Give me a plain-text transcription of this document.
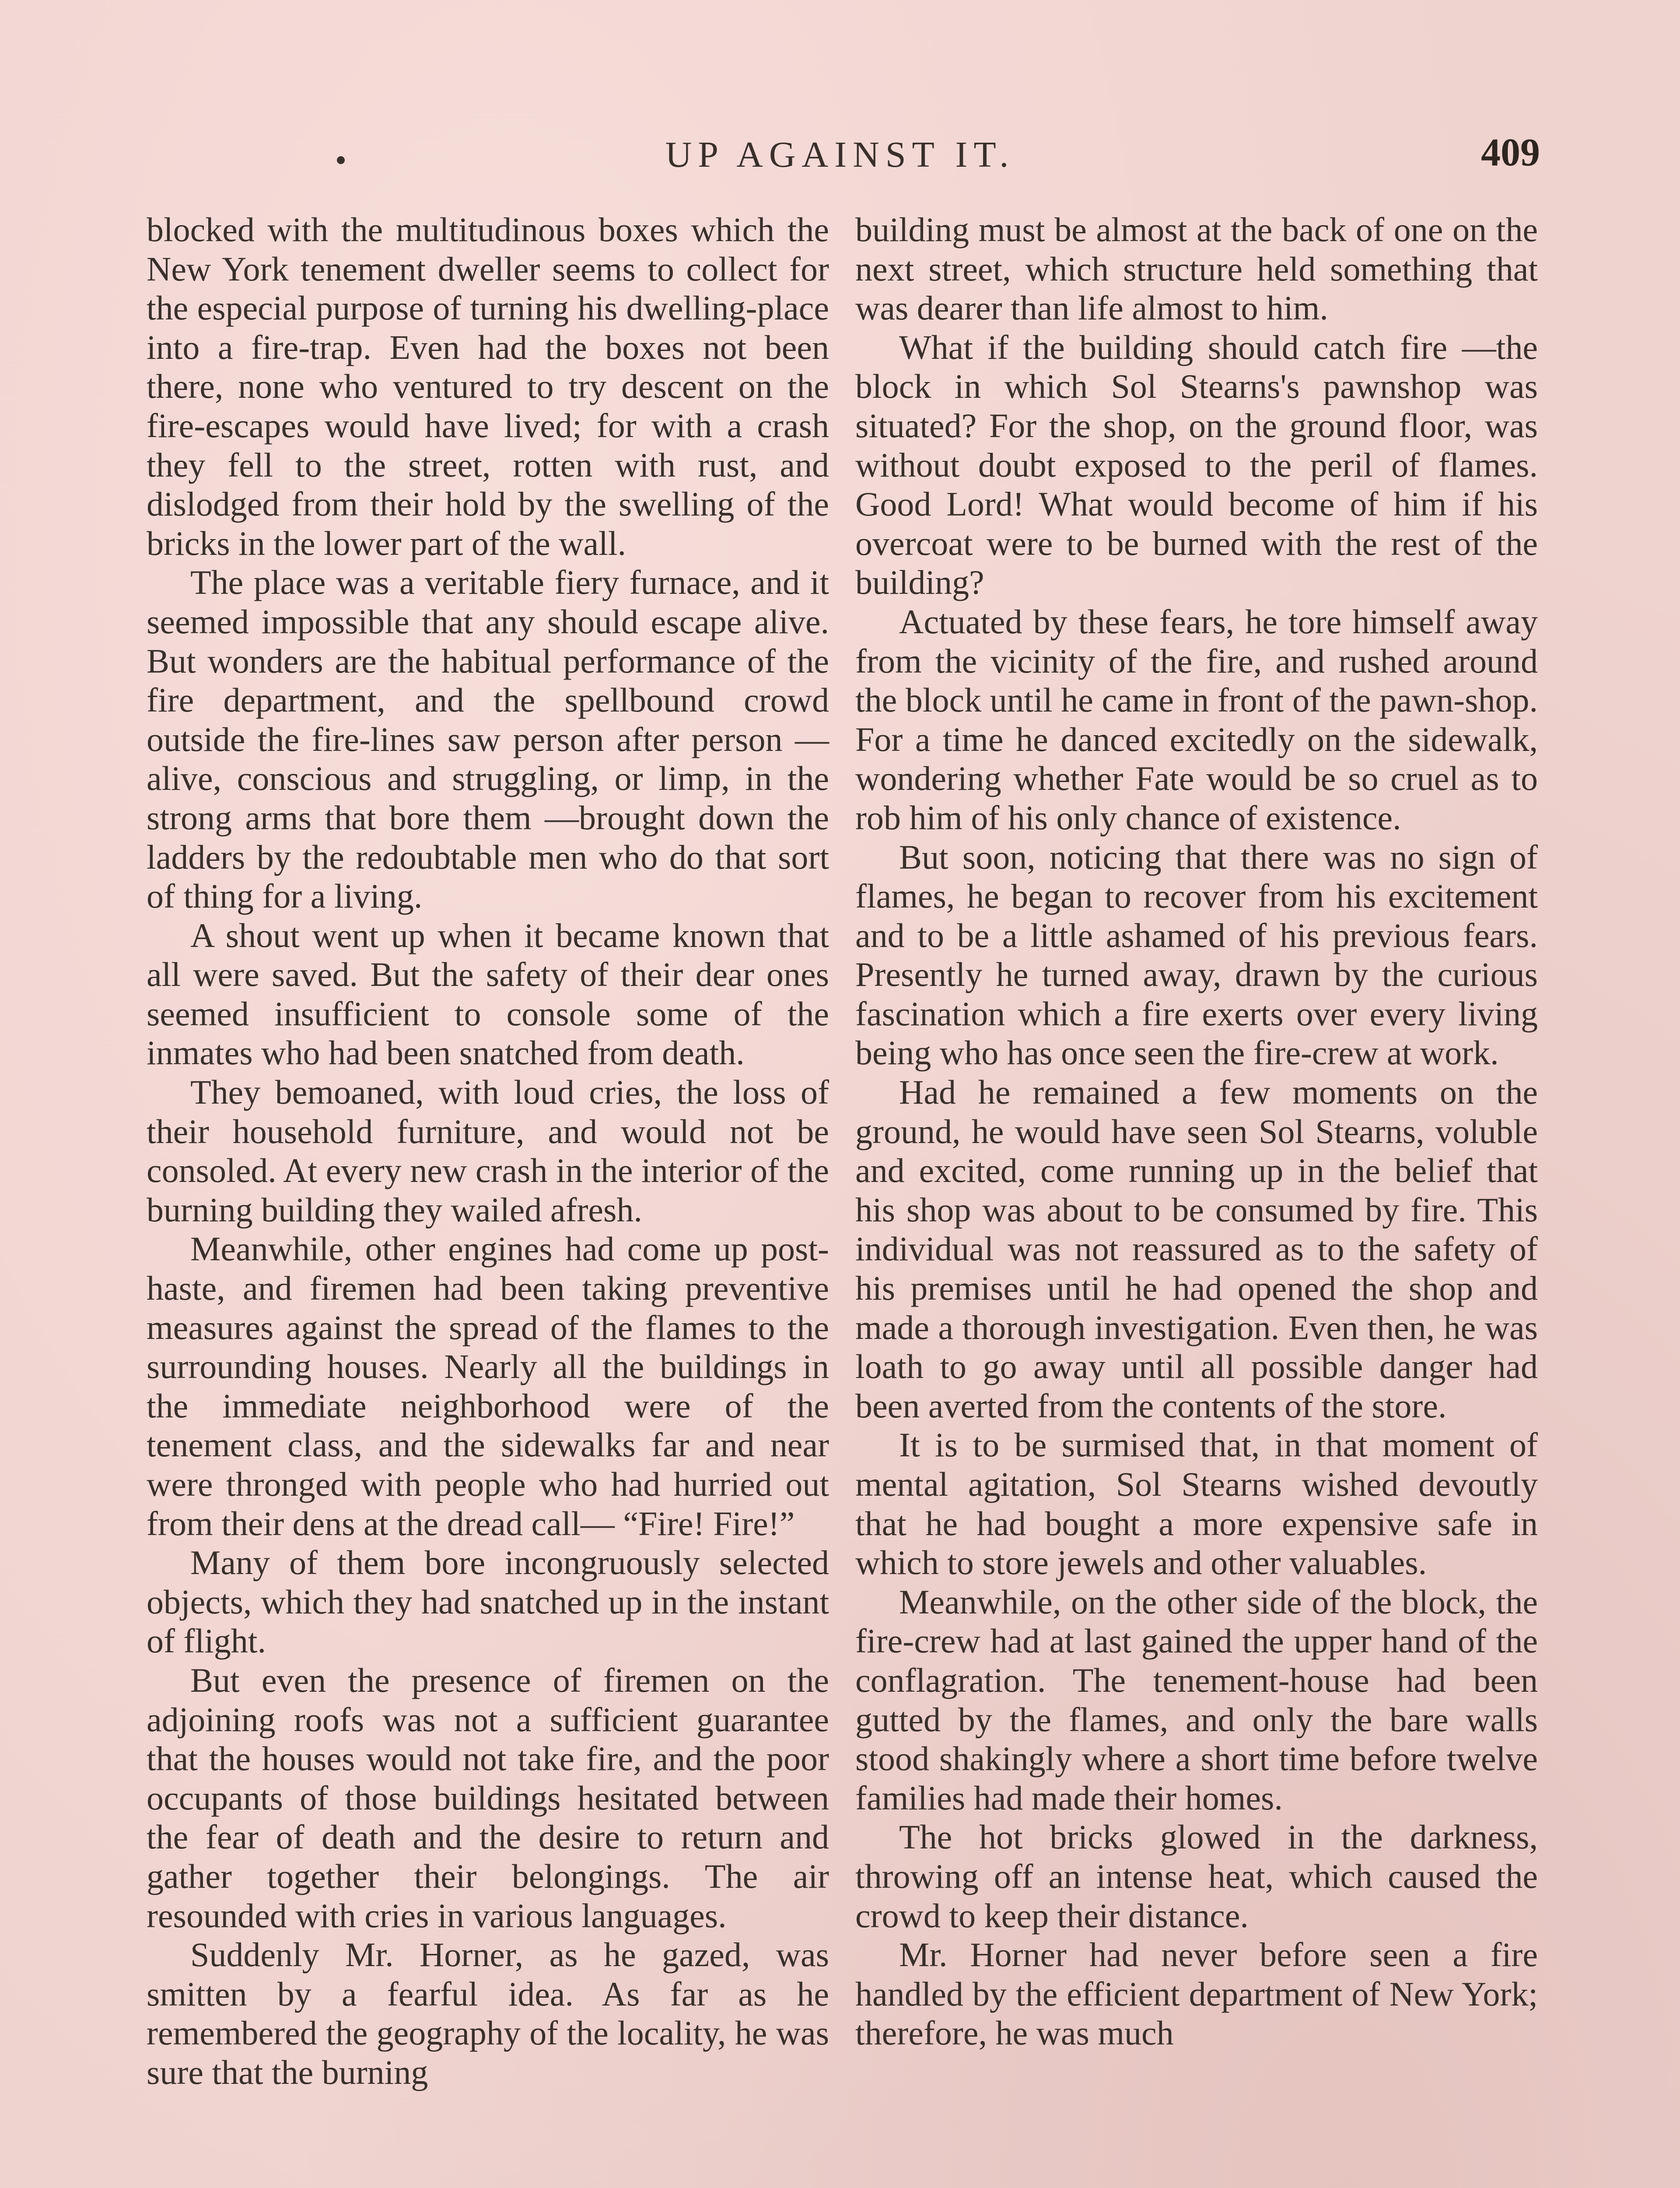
UP AGAINST IT.	409

blocked with the multitudinous boxes which the New York tenement dweller seems to collect for the especial purpose of turning his dwelling-place into a fire-trap. Even had the boxes not been there, none who ventured to try descent on the fire-escapes would have lived; for with a crash they fell to the street, rotten with rust, and dislodged from their hold by the swelling of the bricks in the lower part of the wall.

The place was a veritable fiery furnace, and it seemed impossible that any should escape alive. But wonders are the habitual performance of the fire department, and the spellbound crowd outside the fire-lines saw person after person —alive, conscious and struggling, or limp, in the strong arms that bore them —brought down the ladders by the redoubtable men who do that sort of thing for a living.

A shout went up when it became known that all were saved. But the safety of their dear ones seemed insufficient to console some of the inmates who had been snatched from death.

They bemoaned, with loud cries, the loss of their household furniture, and would not be consoled. At every new crash in the interior of the burning building they wailed afresh.

Meanwhile, other engines had come up post-haste, and firemen had been taking preventive measures against the spread of the flames to the surrounding houses. Nearly all the buildings in the immediate neighborhood were of the tenement class, and the sidewalks far and near were thronged with people who had hurried out from their dens at the dread call— “Fire! Fire!”

Many of them bore incongruously selected objects, which they had snatched up in the instant of flight.

But even the presence of firemen on the adjoining roofs was not a sufficient guarantee that the houses would not take fire, and the poor occupants of those buildings hesitated between the fear of death and the desire to return and gather together their belongings. The air resounded with cries in various languages.

Suddenly Mr. Horner, as he gazed, was smitten by a fearful idea. As far as he remembered the geography of the locality, he was sure that the burning

building must be almost at the back of one on the next street, which structure held something that was dearer than life almost to him.

What if the building should catch fire —the block in which Sol Stearns's pawnshop was situated? For the shop, on the ground floor, was without doubt exposed to the peril of flames. Good Lord! What would become of him if his overcoat were to be burned with the rest of the building?

Actuated by these fears, he tore himself away from the vicinity of the fire, and rushed around the block until he came in front of the pawn-shop. For a time he danced excitedly on the sidewalk, wondering whether Fate would be so cruel as to rob him of his only chance of existence.

But soon, noticing that there was no sign of flames, he began to recover from his excitement and to be a little ashamed of his previous fears. Presently he turned away, drawn by the curious fascination which a fire exerts over every living being who has once seen the fire-crew at work.

Had he remained a few moments on the ground, he would have seen Sol Stearns, voluble and excited, come running up in the belief that his shop was about to be consumed by fire. This individual was not reassured as to the safety of his premises until he had opened the shop and made a thorough investigation. Even then, he was loath to go away until all possible danger had been averted from the contents of the store.

It is to be surmised that, in that moment of mental agitation, Sol Stearns wished devoutly that he had bought a more expensive safe in which to store jewels and other valuables.

Meanwhile, on the other side of the block, the fire-crew had at last gained the upper hand of the conflagration. The tenement-house had been gutted by the flames, and only the bare walls stood shakingly where a short time before twelve families had made their homes.

The hot bricks glowed in the darkness, throwing off an intense heat, which caused the crowd to keep their distance.

Mr. Horner had never before seen a fire handled by the efficient department of New York; therefore, he was much
